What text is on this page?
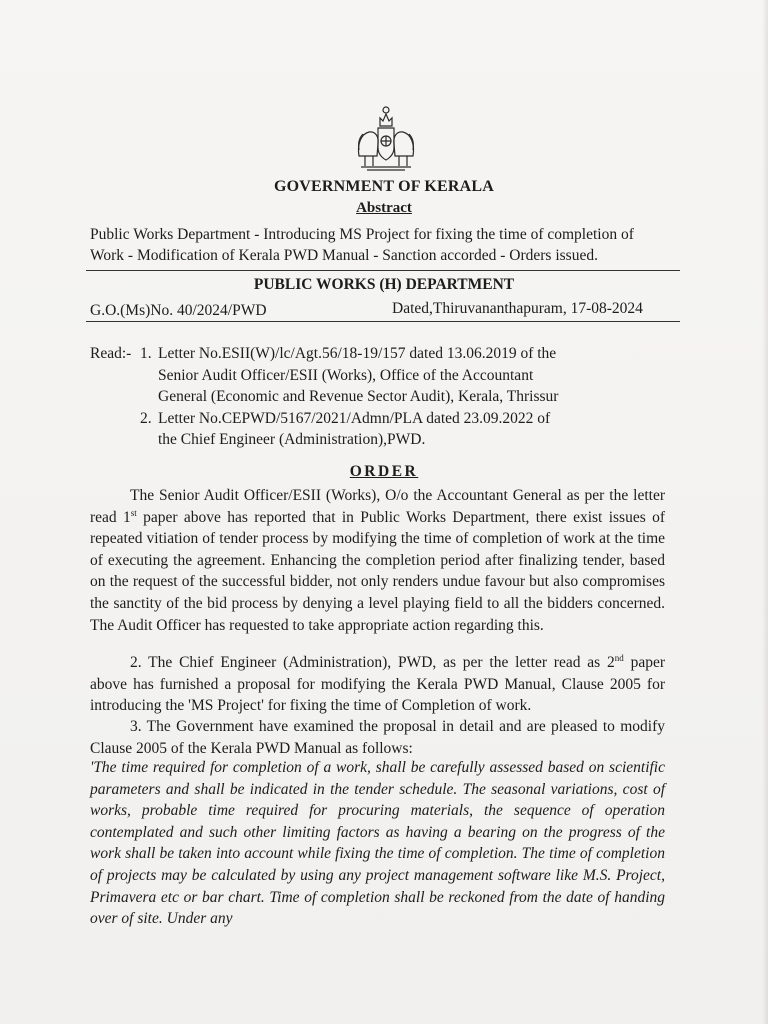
GOVERNMENT OF KERALA
Abstract
Public Works Department - Introducing MS Project for fixing the time of completion of Work - Modification of Kerala PWD Manual - Sanction accorded - Orders issued.
PUBLIC WORKS (H) DEPARTMENT
G.O.(Ms)No. 40/2024/PWD	Dated,Thiruvananthapuram, 17-08-2024
Read:- 1. Letter No.ESII(W)/lc/Agt.56/18-19/157 dated 13.06.2019 of the
Senior Audit Officer/ESII (Works), Office of the Accountant
General (Economic and Revenue Sector Audit), Kerala, Thrissur
2. Letter No.CEPWD/5167/2021/Admn/PLA dated 23.09.2022 of
the Chief Engineer (Administration),PWD.
ORDER
The Senior Audit Officer/ESII (Works), O/o the Accountant General as per the letter read 1st paper above has reported that in Public Works Department, there exist issues of repeated vitiation of tender process by modifying the time of completion of work at the time of executing the agreement. Enhancing the completion period after finalizing tender, based on the request of the successful bidder, not only renders undue favour but also compromises the sanctity of the bid process by denying a level playing field to all the bidders concerned. The Audit Officer has requested to take appropriate action regarding this.
2. The Chief Engineer (Administration), PWD, as per the letter read as 2nd paper above has furnished a proposal for modifying the Kerala PWD Manual, Clause 2005 for introducing the 'MS Project' for fixing the time of Completion of work.
3. The Government have examined the proposal in detail and are pleased to modify Clause 2005 of the Kerala PWD Manual as follows:
'The time required for completion of a work, shall be carefully assessed based on scientific parameters and shall be indicated in the tender schedule. The seasonal variations, cost of works, probable time required for procuring materials, the sequence of operation contemplated and such other limiting factors as having a bearing on the progress of the work shall be taken into account while fixing the time of completion. The time of completion of projects may be calculated by using any project management software like M.S. Project, Primavera etc or bar chart. Time of completion shall be reckoned from the date of handing over of site. Under any
